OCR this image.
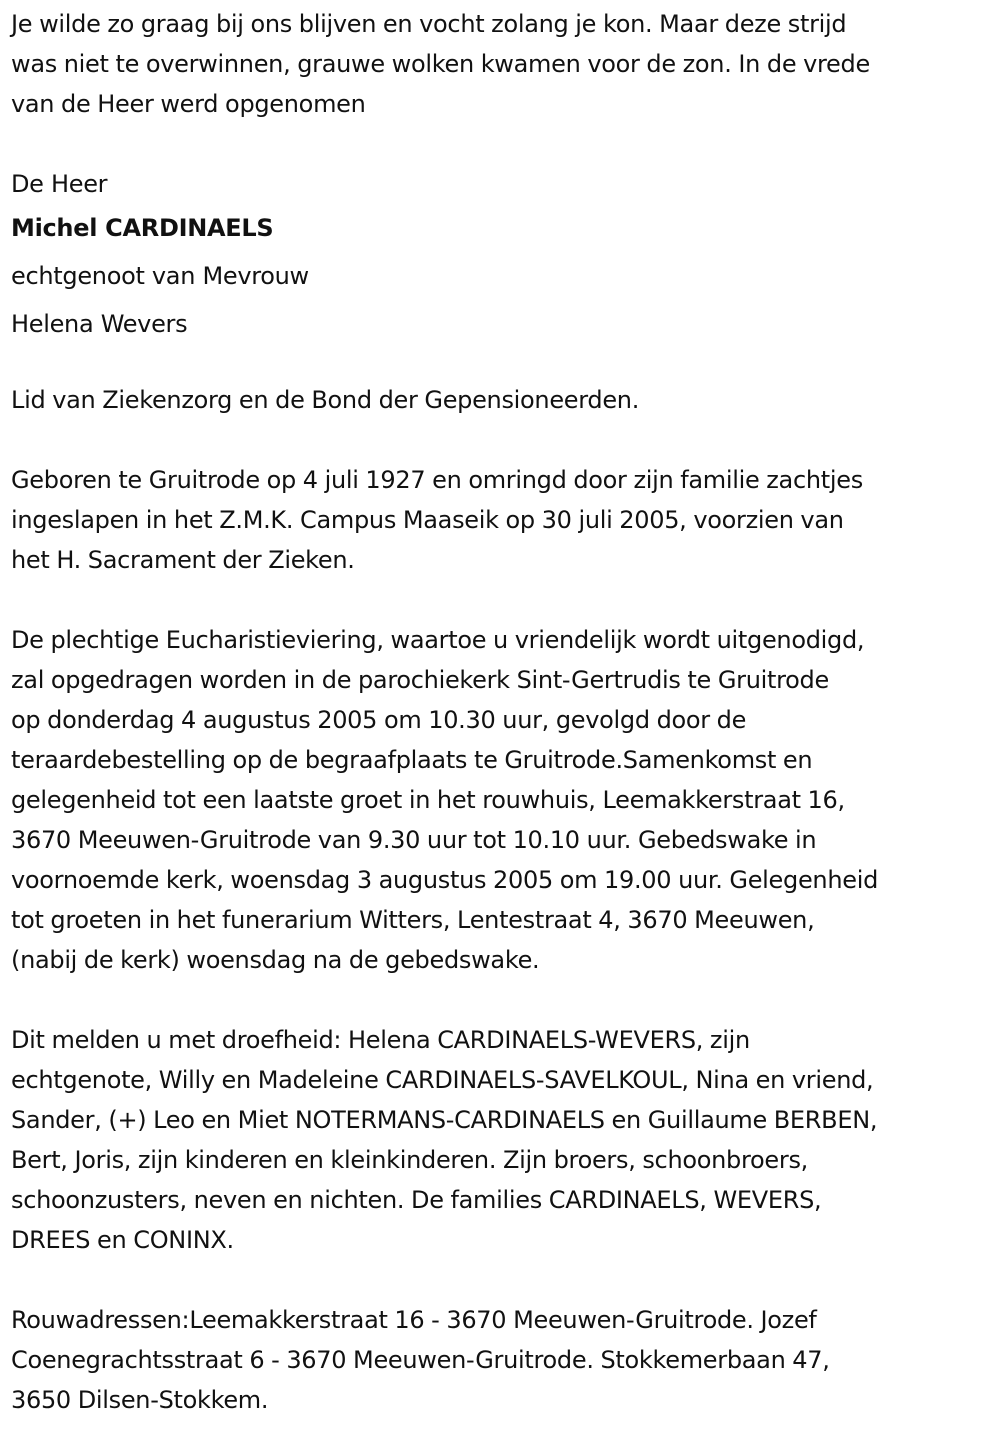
Je wilde zo graag bij ons blijven en vocht zolang je kon. Maar deze strijd
was niet te overwinnen, grauwe wolken kwamen voor de zon. In de vrede
van de Heer werd opgenomen

De Heer
Michel CARDINAELS
echtgenoot van Mevrouw
Helena Wevers

Lid van Ziekenzorg en de Bond der Gepensioneerden.

Geboren te Gruitrode op 4 juli 1927 en omringd door zijn familie zachtjes
ingeslapen in het Z.M.K. Campus Maaseik op 30 juli 2005, voorzien van
het H. Sacrament der Zieken.

De plechtige Eucharistieviering, waartoe u vriendelijk wordt uitgenodigd,
zal opgedragen worden in de parochiekerk Sint-Gertrudis te Gruitrode
op donderdag 4 augustus 2005 om 10.30 uur, gevolgd door de
teraardebestelling op de begraafplaats te Gruitrode.Samenkomst en
gelegenheid tot een laatste groet in het rouwhuis, Leemakkerstraat 16,
3670 Meeuwen-Gruitrode van 9.30 uur tot 10.10 uur. Gebedswake in
voornoemde kerk, woensdag 3 augustus 2005 om 19.00 uur. Gelegenheid
tot groeten in het funerarium Witters, Lentestraat 4, 3670 Meeuwen,
(nabij de kerk) woensdag na de gebedswake.

Dit melden u met droefheid: Helena CARDINAELS-WEVERS, zijn
echtgenote, Willy en Madeleine CARDINAELS-SAVELKOUL, Nina en vriend,
Sander, (+) Leo en Miet NOTERMANS-CARDINAELS en Guillaume BERBEN,
Bert, Joris, zijn kinderen en kleinkinderen. Zijn broers, schoonbroers,
schoonzusters, neven en nichten. De families CARDINAELS, WEVERS,
DREES en CONINX.

Rouwadressen:Leemakkerstraat 16 - 3670 Meeuwen-Gruitrode. Jozef
Coenegrachtsstraat 6 - 3670 Meeuwen-Gruitrode. Stokkemerbaan 47,
3650 Dilsen-Stokkem.
